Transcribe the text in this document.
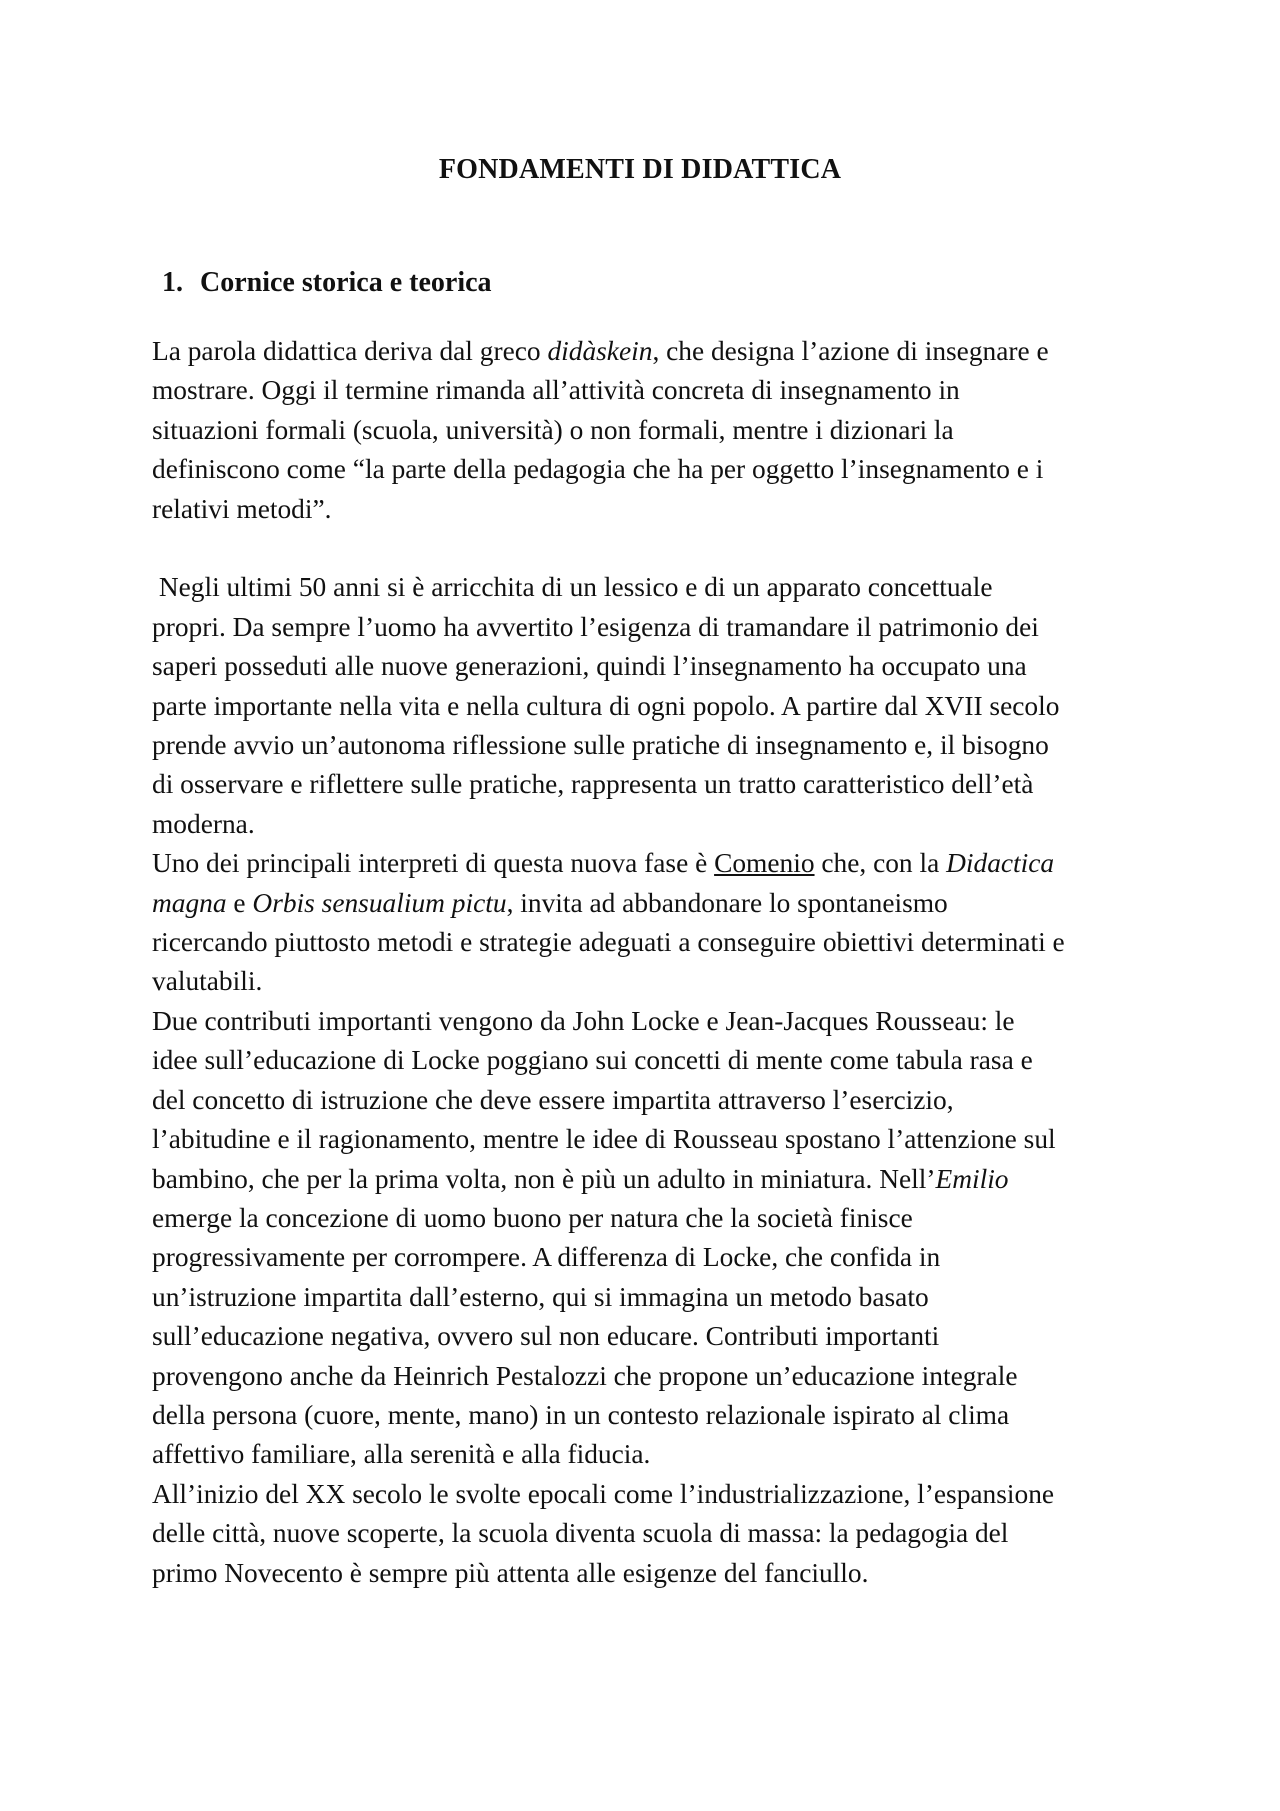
FONDAMENTI DI DIDATTICA
1. Cornice storica e teorica

La parola didattica deriva dal greco didàskein, che designa l’azione di insegnare e
mostrare. Oggi il termine rimanda all’attività concreta di insegnamento in
situazioni formali (scuola, università) o non formali, mentre i dizionari la
definiscono come “la parte della pedagogia che ha per oggetto l’insegnamento e i
relativi metodi”.

Negli ultimi 50 anni si è arricchita di un lessico e di un apparato concettuale
propri. Da sempre l’uomo ha avvertito l’esigenza di tramandare il patrimonio dei
saperi posseduti alle nuove generazioni, quindi l’insegnamento ha occupato una
parte importante nella vita e nella cultura di ogni popolo. A partire dal XVII secolo
prende avvio un’autonoma riflessione sulle pratiche di insegnamento e, il bisogno
di osservare e riflettere sulle pratiche, rappresenta un tratto caratteristico dell’età
moderna.

Uno dei principali interpreti di questa nuova fase è Comenio che, con la Didactica
magna e Orbis sensualium pictu, invita ad abbandonare lo spontaneismo
ricercando piuttosto metodi e strategie adeguati a conseguire obiettivi determinati e
valutabili.

Due contributi importanti vengono da John Locke e Jean-Jacques Rousseau: le
idee sull’educazione di Locke poggiano sui concetti di mente come tabula rasa e
del concetto di istruzione che deve essere impartita attraverso l’esercizio,
l’abitudine e il ragionamento, mentre le idee di Rousseau spostano l’attenzione sul
bambino, che per la prima volta, non è più un adulto in miniatura. Nell’Emilio
emerge la concezione di uomo buono per natura che la società finisce
progressivamente per corrompere. A differenza di Locke, che confida in
un’istruzione impartita dall’esterno, qui si immagina un metodo basato
sull’educazione negativa, ovvero sul non educare. Contributi importanti
provengono anche da Heinrich Pestalozzi che propone un’educazione integrale
della persona (cuore, mente, mano) in un contesto relazionale ispirato al clima
affettivo familiare, alla serenità e alla fiducia.

All’inizio del XX secolo le svolte epocali come l’industrializzazione, l’espansione
delle città, nuove scoperte, la scuola diventa scuola di massa: la pedagogia del
primo Novecento è sempre più attenta alle esigenze del fanciullo.
